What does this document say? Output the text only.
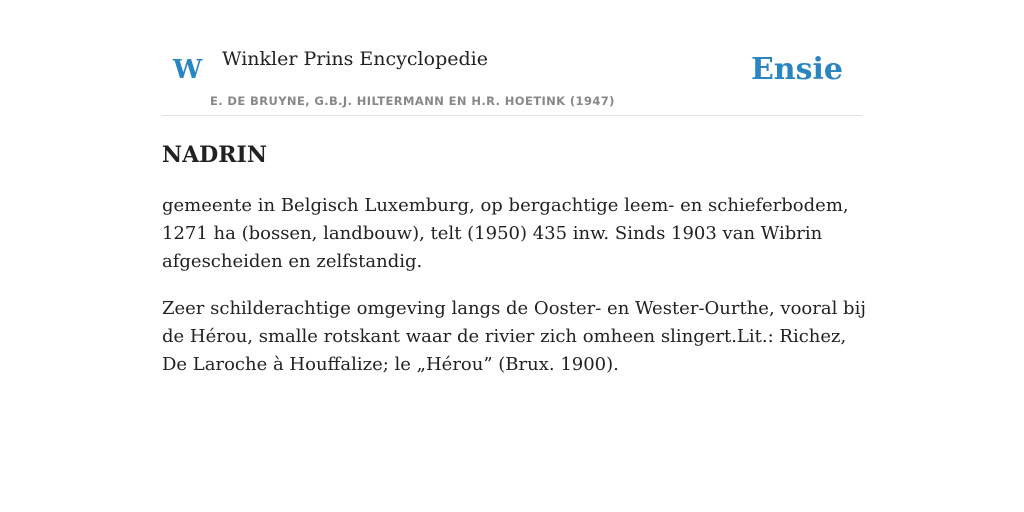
W Winkler Prins Encyclopedie
E. DE BRUYNE, G.B.J. HILTERMANN EN H.R. HOETINK (1947)
Ensie
NADRIN

gemeente in Belgisch Luxemburg, op bergachtige leem- en schieferbodem, 1271 ha (bossen, landbouw), telt (1950) 435 inw. Sinds 1903 van Wibrin afgescheiden en zelfstandig.

Zeer schilderachtige omgeving langs de Ooster- en Wester-Ourthe, vooral bij de Hérou, smalle rotskant waar de rivier zich omheen slingert.Lit.: Richez, De Laroche à Houffalize; le „Hérou” (Brux. 1900).
